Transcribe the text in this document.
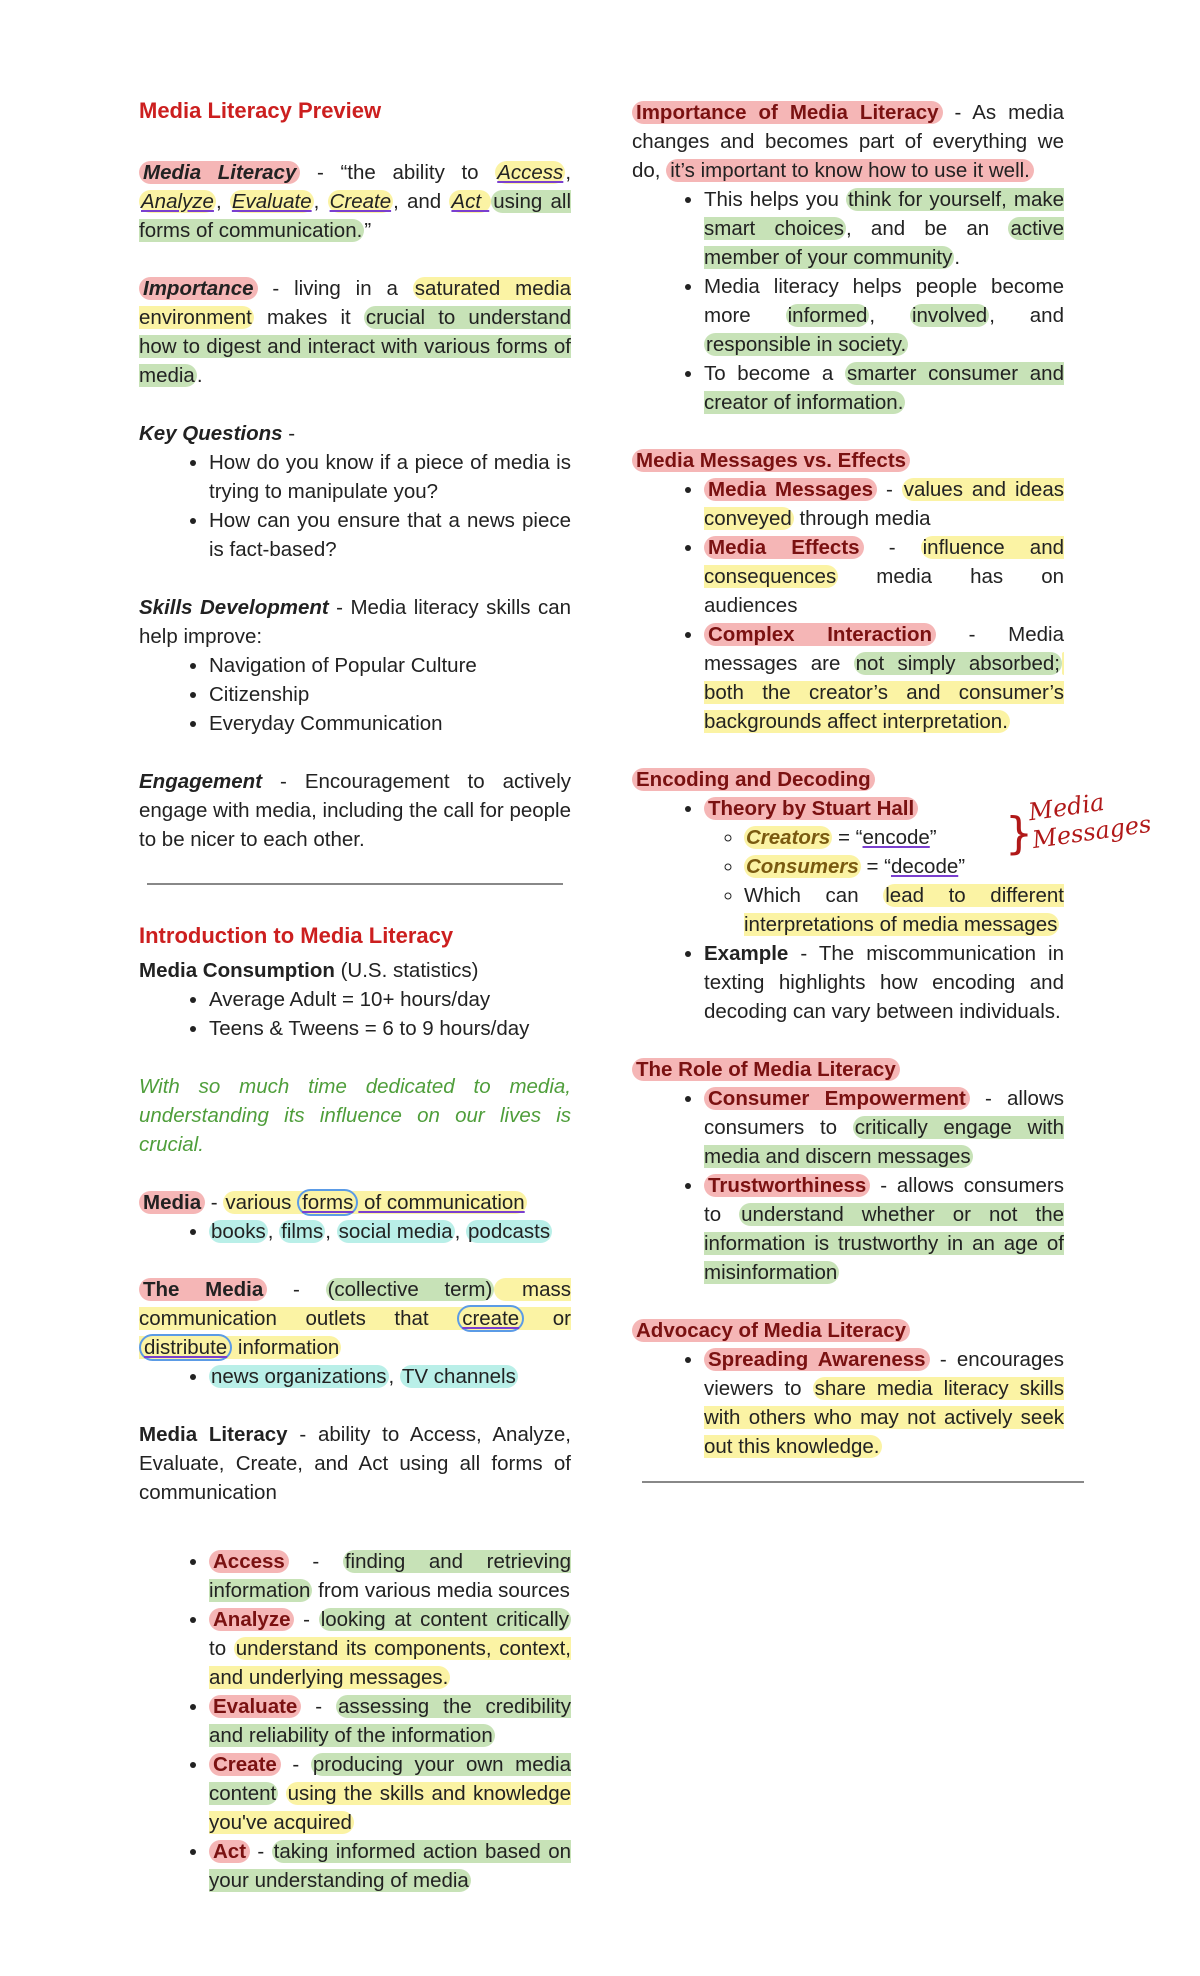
Media Literacy Preview

Media Literacy - “the ability to Access, Analyze, Evaluate, Create, and Act using all forms of communication.”

Importance - living in a saturated media environment makes it crucial to understand how to digest and interact with various forms of media.

Key Questions -
• How do you know if a piece of media is trying to manipulate you?
• How can you ensure that a news piece is fact-based?

Skills Development - Media literacy skills can help improve:

• Navigation of Popular Culture
• Citizenship
• Everyday Communication

Engagement - Encouragement to actively engage with media, including the call for people to be nicer to each other.

Introduction to Media Literacy
Media Consumption (U.S. statistics)
• Average Adult = 10+ hours/day
• Teens & Tweens = 6 to 9 hours/day

With so much time dedicated to media, understanding its influence on our lives is crucial.

Media - various forms of communication
• books, films, social media, podcasts
The Media - (collective term) mass communication outlets that create or distribute information
• news organizations, TV channels

Media Literacy - ability to Access, Analyze, Evaluate, Create, and Act using all forms of communication

• Access - finding and retrieving information from various media sources
• Analyze - looking at content critically to understand its components, context, and underlying messages.
• Evaluate - assessing the credibility and reliability of the information
• Create - producing your own media content using the skills and knowledge you've acquired
• Act - taking informed action based on your understanding of media

Importance of Media Literacy - As media changes and becomes part of everything we do, it’s important to know how to use it well.

• This helps you think for yourself, make smart choices, and be an active member of your community.
• Media literacy helps people become more informed, involved, and responsible in society.
• To become a smarter consumer and creator of information.
Media Messages vs. Effects
• Media Messages - values and ideas conveyed through media
• Media Effects - influence and consequences media has on audiences
• Complex Interaction - Media messages are not simply absorbed; both the creator’s and consumer’s backgrounds affect interpretation.
Encoding and Decoding
• Theory by Stuart Hall
◦ Creators = “encode”
◦ Consumers = “decode”
◦ Which can lead to different interpretations of media messages
• Example - The miscommunication in texting highlights how encoding and decoding can vary between individuals.
The Role of Media Literacy
• Consumer Empowerment - allows consumers to critically engage with media and discern messages
• Trustworthiness - allows consumers to understand whether or not the information is trustworthy in an age of misinformation
Advocacy of Media Literacy
• Spreading Awareness - encourages viewers to share media literacy skills with others who may not actively seek out this knowledge.
}
Media Messages
